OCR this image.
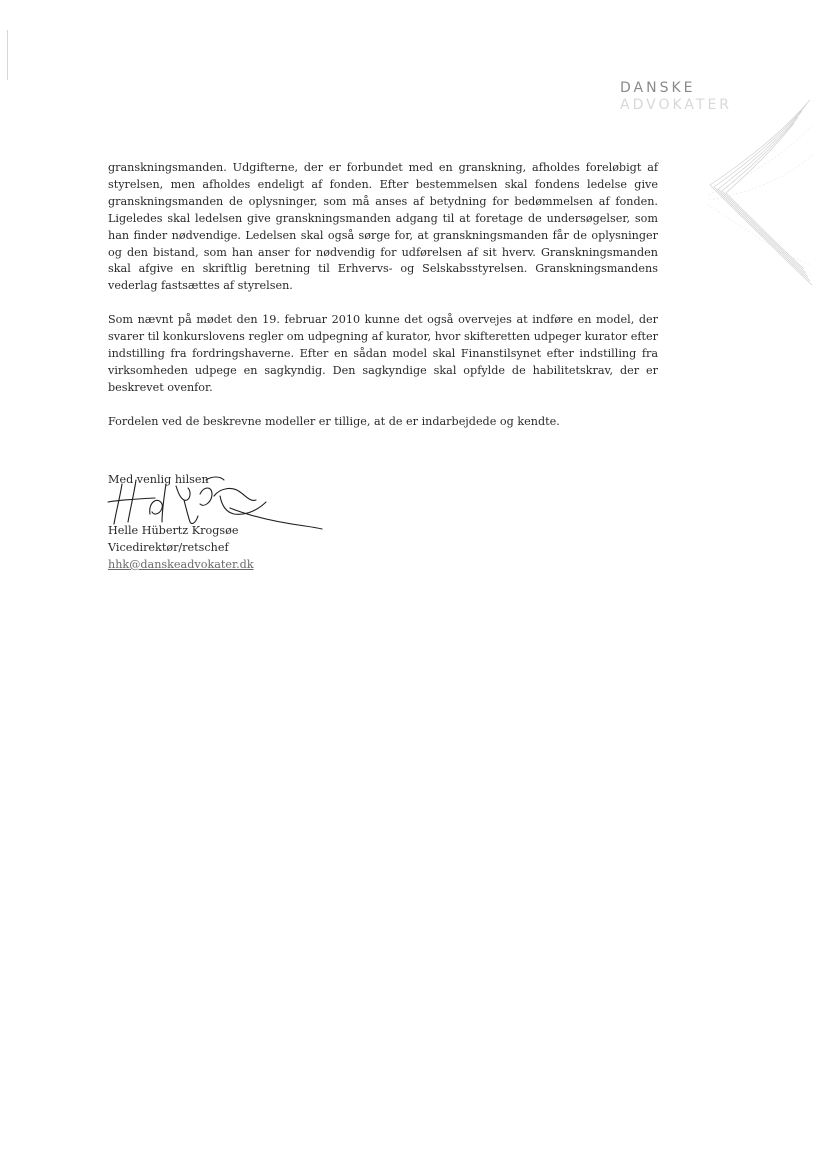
DANSKE
ADVOKATER

granskningsmanden. Udgifterne, der er forbundet med en granskning, afholdes foreløbigt af styrelsen, men afholdes endeligt af fonden. Efter bestemmelsen skal fondens ledelse give granskningsmanden de oplysninger, som må anses af betydning for bedømmelsen af fonden. Ligeledes skal ledelsen give granskningsmanden adgang til at foretage de undersøgelser, som han finder nødvendige. Ledelsen skal også sørge for, at granskningsmanden får de oplysninger og den bistand, som han anser for nødvendig for udførelsen af sit hverv. Granskningsmanden skal afgive en skriftlig beretning til Erhvervs- og Selskabsstyrelsen. Granskningsmandens vederlag fastsættes af styrelsen.

Som nævnt på mødet den 19. februar 2010 kunne det også overvejes at indføre en model, der svarer til konkurslovens regler om udpegning af kurator, hvor skifteretten udpeger kurator efter indstilling fra fordringshaverne. Efter en sådan model skal Finanstilsynet efter indstilling fra virksomheden udpege en sagkyndig. Den sagkyndige skal opfylde de habilitetskrav, der er beskrevet ovenfor.

Fordelen ved de beskrevne modeller er tillige, at de er indarbejdede og kendte.

Med venlig hilsen
Helle Hübertz Krogsøe
Vicedirektør/retschef
hhk@danskeadvokater.dk
